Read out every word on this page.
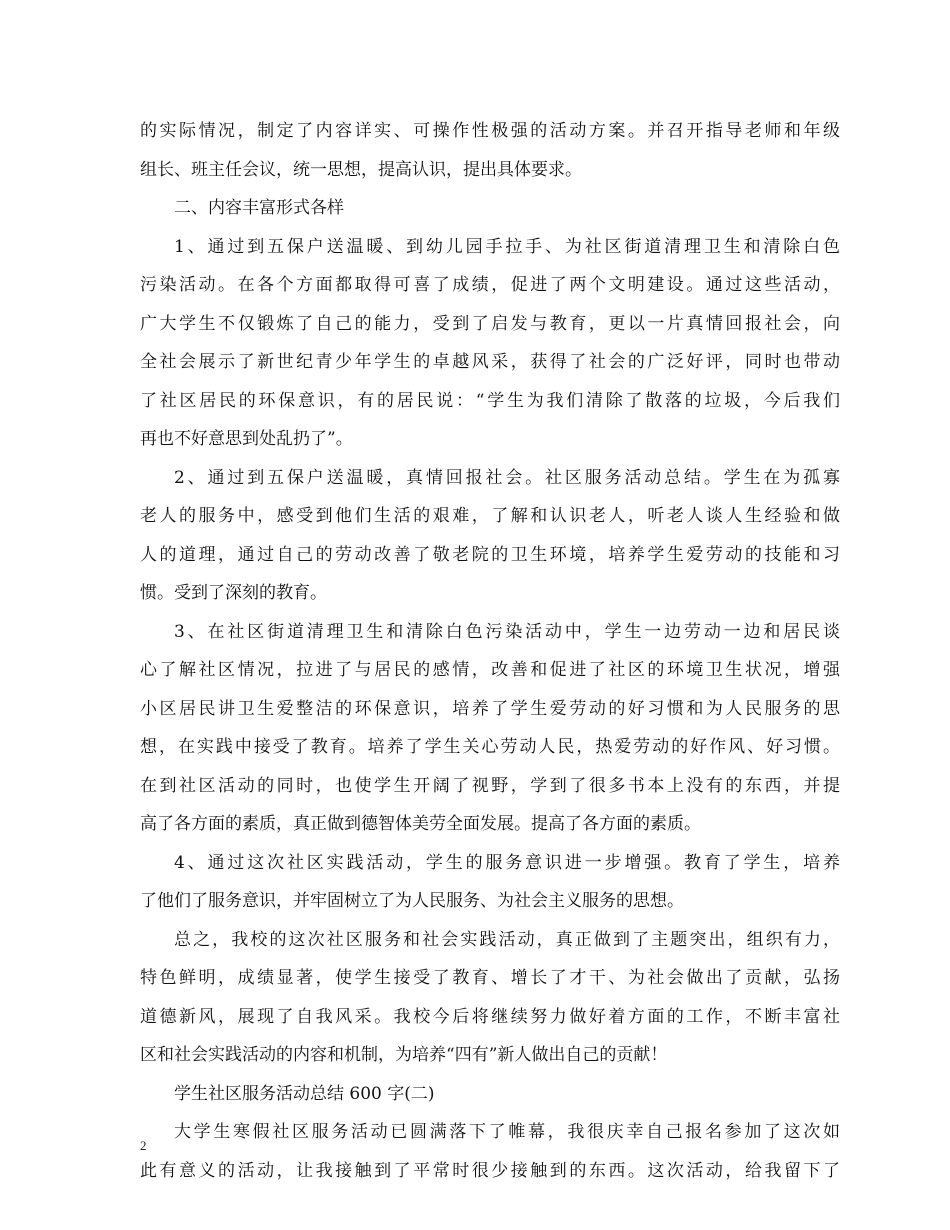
的实际情况，制定了内容详实、可操作性极强的活动方案。并召开指导老师和年级
组长、班主任会议，统一思想，提高认识，提出具体要求。
二、内容丰富形式各样
1、通过到五保户送温暖、到幼儿园手拉手、为社区街道清理卫生和清除白色
污染活动。在各个方面都取得可喜了成绩，促进了两个文明建设。通过这些活动，
广大学生不仅锻炼了自己的能力，受到了启发与教育，更以一片真情回报社会，向
全社会展示了新世纪青少年学生的卓越风采，获得了社会的广泛好评，同时也带动
了社区居民的环保意识，有的居民说：“学生为我们清除了散落的垃圾，今后我们
再也不好意思到处乱扔了”。
2、通过到五保户送温暖，真情回报社会。社区服务活动总结。学生在为孤寡
老人的服务中，感受到他们生活的艰难，了解和认识老人，听老人谈人生经验和做
人的道理，通过自己的劳动改善了敬老院的卫生环境，培养学生爱劳动的技能和习
惯。受到了深刻的教育。
3、在社区街道清理卫生和清除白色污染活动中，学生一边劳动一边和居民谈
心了解社区情况，拉进了与居民的感情，改善和促进了社区的环境卫生状况，增强
小区居民讲卫生爱整洁的环保意识，培养了学生爱劳动的好习惯和为人民服务的思
想，在实践中接受了教育。培养了学生关心劳动人民，热爱劳动的好作风、好习惯。
在到社区活动的同时，也使学生开阔了视野，学到了很多书本上没有的东西，并提
高了各方面的素质，真正做到德智体美劳全面发展。提高了各方面的素质。
4、通过这次社区实践活动，学生的服务意识进一步增强。教育了学生，培养
了他们了服务意识，并牢固树立了为人民服务、为社会主义服务的思想。
总之，我校的这次社区服务和社会实践活动，真正做到了主题突出，组织有力，
特色鲜明，成绩显著，使学生接受了教育、增长了才干、为社会做出了贡献，弘扬
道德新风，展现了自我风采。我校今后将继续努力做好着方面的工作，不断丰富社
区和社会实践活动的内容和机制，为培养“四有”新人做出自己的贡献！
学生社区服务活动总结 600 字(二)
大学生寒假社区服务活动已圆满落下了帷幕，我很庆幸自己报名参加了这次如
此有意义的活动，让我接触到了平常时很少接触到的东西。这次活动，给我留下了
2
